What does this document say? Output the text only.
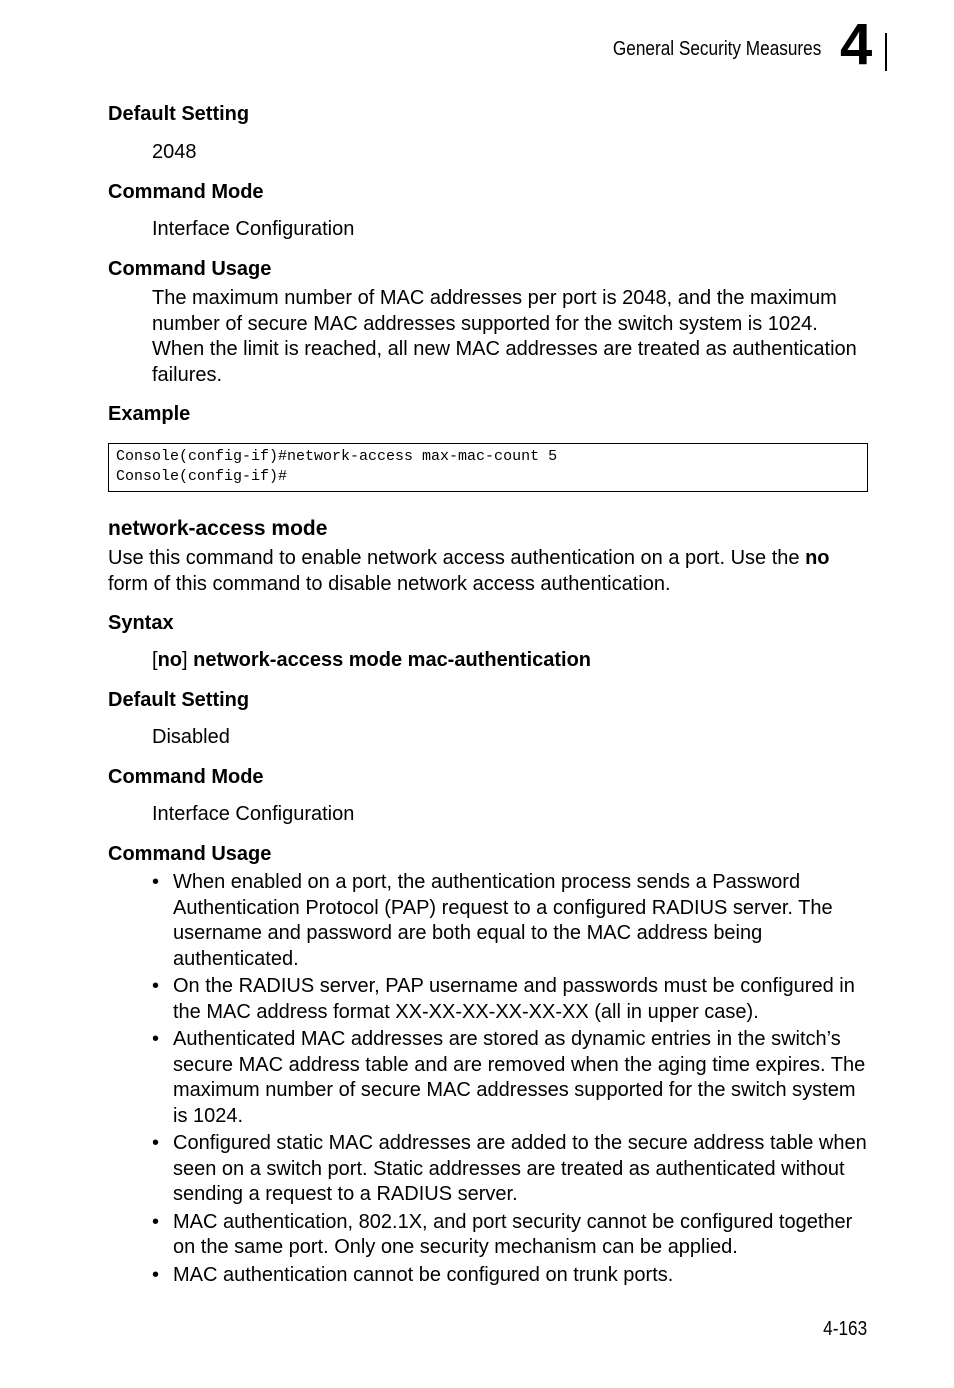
General Security Measures 4
Default Setting
2048
Command Mode
Interface Configuration
Command Usage
The maximum number of MAC addresses per port is 2048, and the maximum number of secure MAC addresses supported for the switch system is 1024. When the limit is reached, all new MAC addresses are treated as authentication failures.
Example
Console(config-if)#network-access max-mac-count 5
Console(config-if)#
network-access mode
Use this command to enable network access authentication on a port. Use the no form of this command to disable network access authentication.
Syntax
[no] network-access mode mac-authentication
Default Setting
Disabled
Command Mode
Interface Configuration
Command Usage
• When enabled on a port, the authentication process sends a Password Authentication Protocol (PAP) request to a configured RADIUS server. The username and password are both equal to the MAC address being authenticated.
• On the RADIUS server, PAP username and passwords must be configured in the MAC address format XX-XX-XX-XX-XX-XX (all in upper case).
• Authenticated MAC addresses are stored as dynamic entries in the switch’s secure MAC address table and are removed when the aging time expires. The maximum number of secure MAC addresses supported for the switch system is 1024.
• Configured static MAC addresses are added to the secure address table when seen on a switch port. Static addresses are treated as authenticated without sending a request to a RADIUS server.
• MAC authentication, 802.1X, and port security cannot be configured together on the same port. Only one security mechanism can be applied.
• MAC authentication cannot be configured on trunk ports.
4-163
